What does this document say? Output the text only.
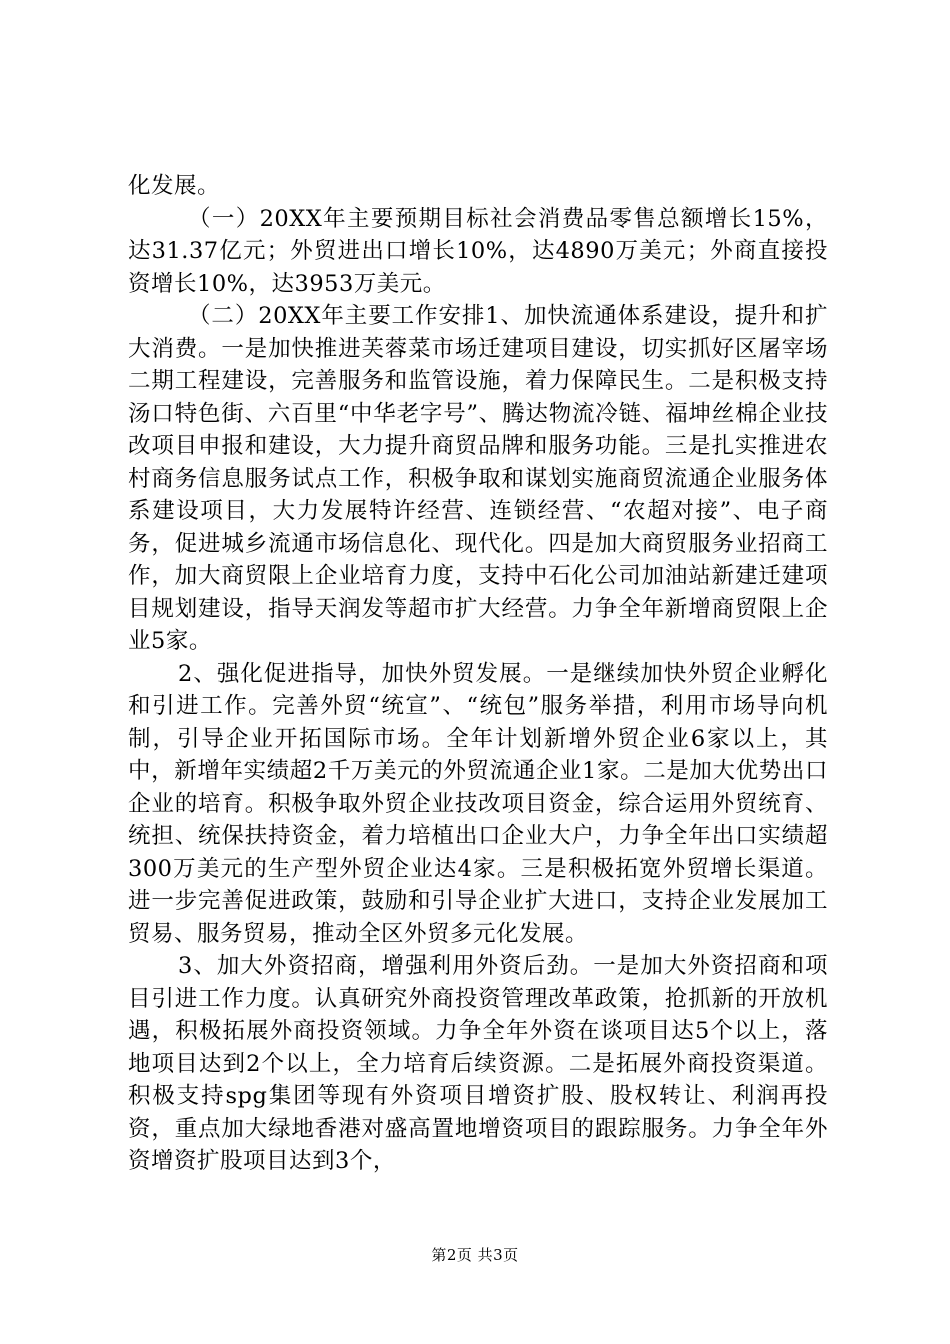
化发展。

（一）20XX年主要预期目标社会消费品零售总额增长15%，达31.37亿元；外贸进出口增长10%，达4890万美元；外商直接投资增长10%，达3953万美元。

（二）20XX年主要工作安排1、加快流通体系建设，提升和扩大消费。一是加快推进芙蓉菜市场迁建项目建设，切实抓好区屠宰场二期工程建设，完善服务和监管设施，着力保障民生。二是积极支持汤口特色街、六百里“中华老字号”、腾达物流冷链、福坤丝棉企业技改项目申报和建设，大力提升商贸品牌和服务功能。三是扎实推进农村商务信息服务试点工作，积极争取和谋划实施商贸流通企业服务体系建设项目，大力发展特许经营、连锁经营、“农超对接”、电子商务，促进城乡流通市场信息化、现代化。四是加大商贸服务业招商工作，加大商贸限上企业培育力度，支持中石化公司加油站新建迁建项目规划建设，指导天润发等超市扩大经营。力争全年新增商贸限上企业5家。

2、强化促进指导，加快外贸发展。一是继续加快外贸企业孵化和引进工作。完善外贸“统宣”、“统包”服务举措，利用市场导向机制，引导企业开拓国际市场。全年计划新增外贸企业6家以上，其中，新增年实绩超2千万美元的外贸流通企业1家。二是加大优势出口企业的培育。积极争取外贸企业技改项目资金，综合运用外贸统育、统担、统保扶持资金，着力培植出口企业大户，力争全年出口实绩超300万美元的生产型外贸企业达4家。三是积极拓宽外贸增长渠道。进一步完善促进政策，鼓励和引导企业扩大进口，支持企业发展加工贸易、服务贸易，推动全区外贸多元化发展。

3、加大外资招商，增强利用外资后劲。一是加大外资招商和项目引进工作力度。认真研究外商投资管理改革政策，抢抓新的开放机遇，积极拓展外商投资领域。力争全年外资在谈项目达5个以上，落地项目达到2个以上，全力培育后续资源。二是拓展外商投资渠道。积极支持spg集团等现有外资项目增资扩股、股权转让、利润再投资，重点加大绿地香港对盛高置地增资项目的跟踪服务。力争全年外资增资扩股项目达到3个，

第2页 共3页
